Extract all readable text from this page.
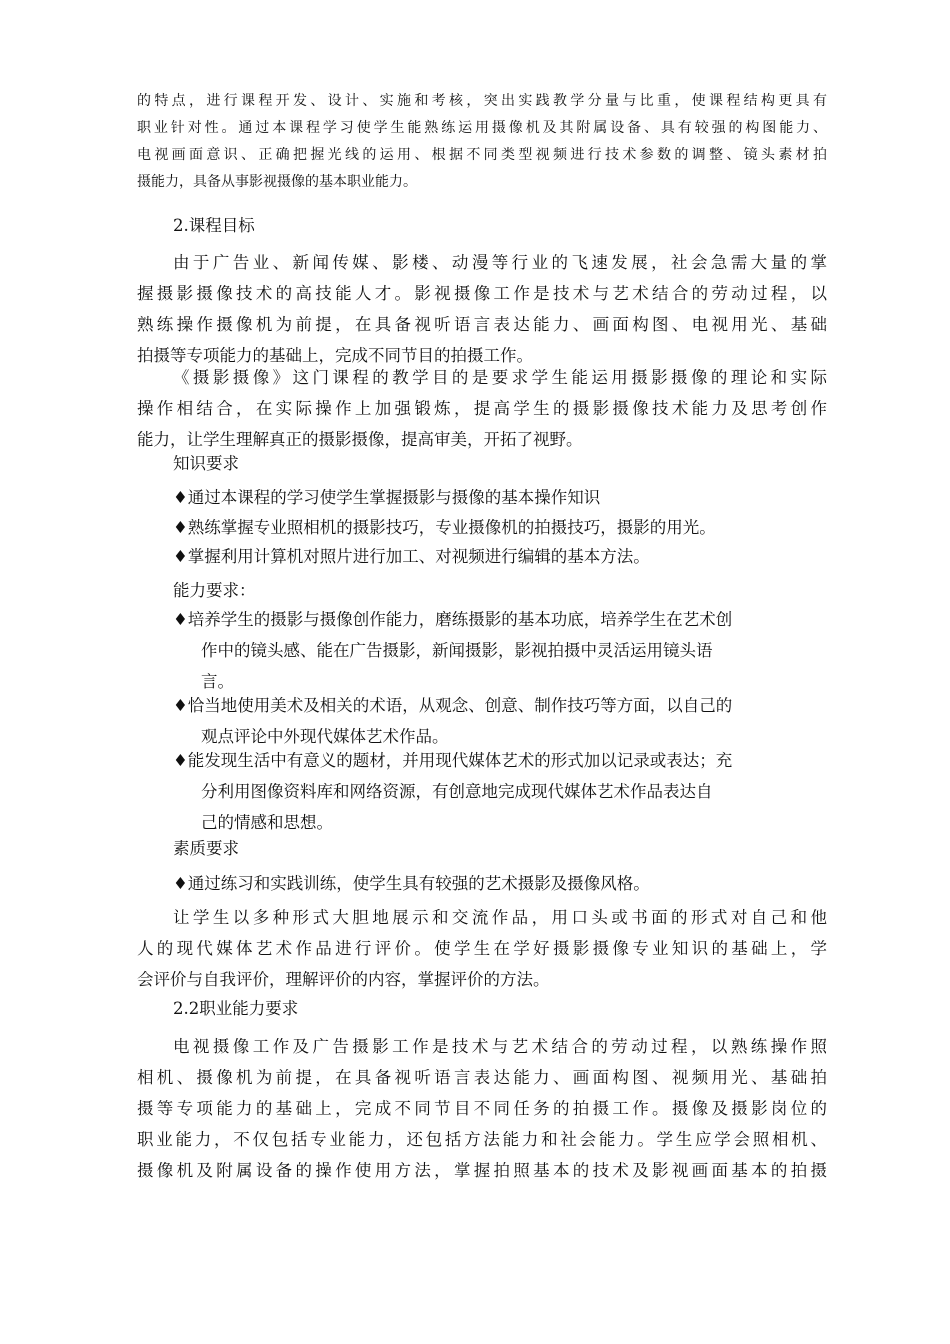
的特点，进行课程开发、设计、实施和考核，突出实践教学分量与比重，使课程结构更具有
职业针对性。通过本课程学习使学生能熟练运用摄像机及其附属设备、具有较强的构图能力、
电视画面意识、正确把握光线的运用、根据不同类型视频进行技术参数的调整、镜头素材拍
摄能力，具备从事影视摄像的基本职业能力。

2.课程目标

由于广告业、新闻传媒、影楼、动漫等行业的飞速发展，社会急需大量的掌
握摄影摄像技术的高技能人才。影视摄像工作是技术与艺术结合的劳动过程，以
熟练操作摄像机为前提，在具备视听语言表达能力、画面构图、电视用光、基础
拍摄等专项能力的基础上，完成不同节目的拍摄工作。

《摄影摄像》这门课程的教学目的是要求学生能运用摄影摄像的理论和实际
操作相结合，在实际操作上加强锻炼，提高学生的摄影摄像技术能力及思考创作
能力，让学生理解真正的摄影摄像，提高审美，开拓了视野。

知识要求

♦通过本课程的学习使学生掌握摄影与摄像的基本操作知识

♦熟练掌握专业照相机的摄影技巧，专业摄像机的拍摄技巧，摄影的用光。

♦掌握利用计算机对照片进行加工、对视频进行编辑的基本方法。

能力要求：

♦培养学生的摄影与摄像创作能力，磨练摄影的基本功底，培养学生在艺术创
作中的镜头感、能在广告摄影，新闻摄影，影视拍摄中灵活运用镜头语
言。

♦恰当地使用美术及相关的术语，从观念、创意、制作技巧等方面，以自己的
观点评论中外现代媒体艺术作品。

♦能发现生活中有意义的题材，并用现代媒体艺术的形式加以记录或表达；充
分利用图像资料库和网络资源，有创意地完成现代媒体艺术作品表达自
己的情感和思想。

素质要求

♦通过练习和实践训练，使学生具有较强的艺术摄影及摄像风格。

让学生以多种形式大胆地展示和交流作品，用口头或书面的形式对自己和他
人的现代媒体艺术作品进行评价。使学生在学好摄影摄像专业知识的基础上，学
会评价与自我评价，理解评价的内容，掌握评价的方法。

2.2职业能力要求

电视摄像工作及广告摄影工作是技术与艺术结合的劳动过程，以熟练操作照
相机、摄像机为前提，在具备视听语言表达能力、画面构图、视频用光、基础拍
摄等专项能力的基础上，完成不同节目不同任务的拍摄工作。摄像及摄影岗位的
职业能力，不仅包括专业能力，还包括方法能力和社会能力。学生应学会照相机、
摄像机及附属设备的操作使用方法，掌握拍照基本的技术及影视画面基本的拍摄
